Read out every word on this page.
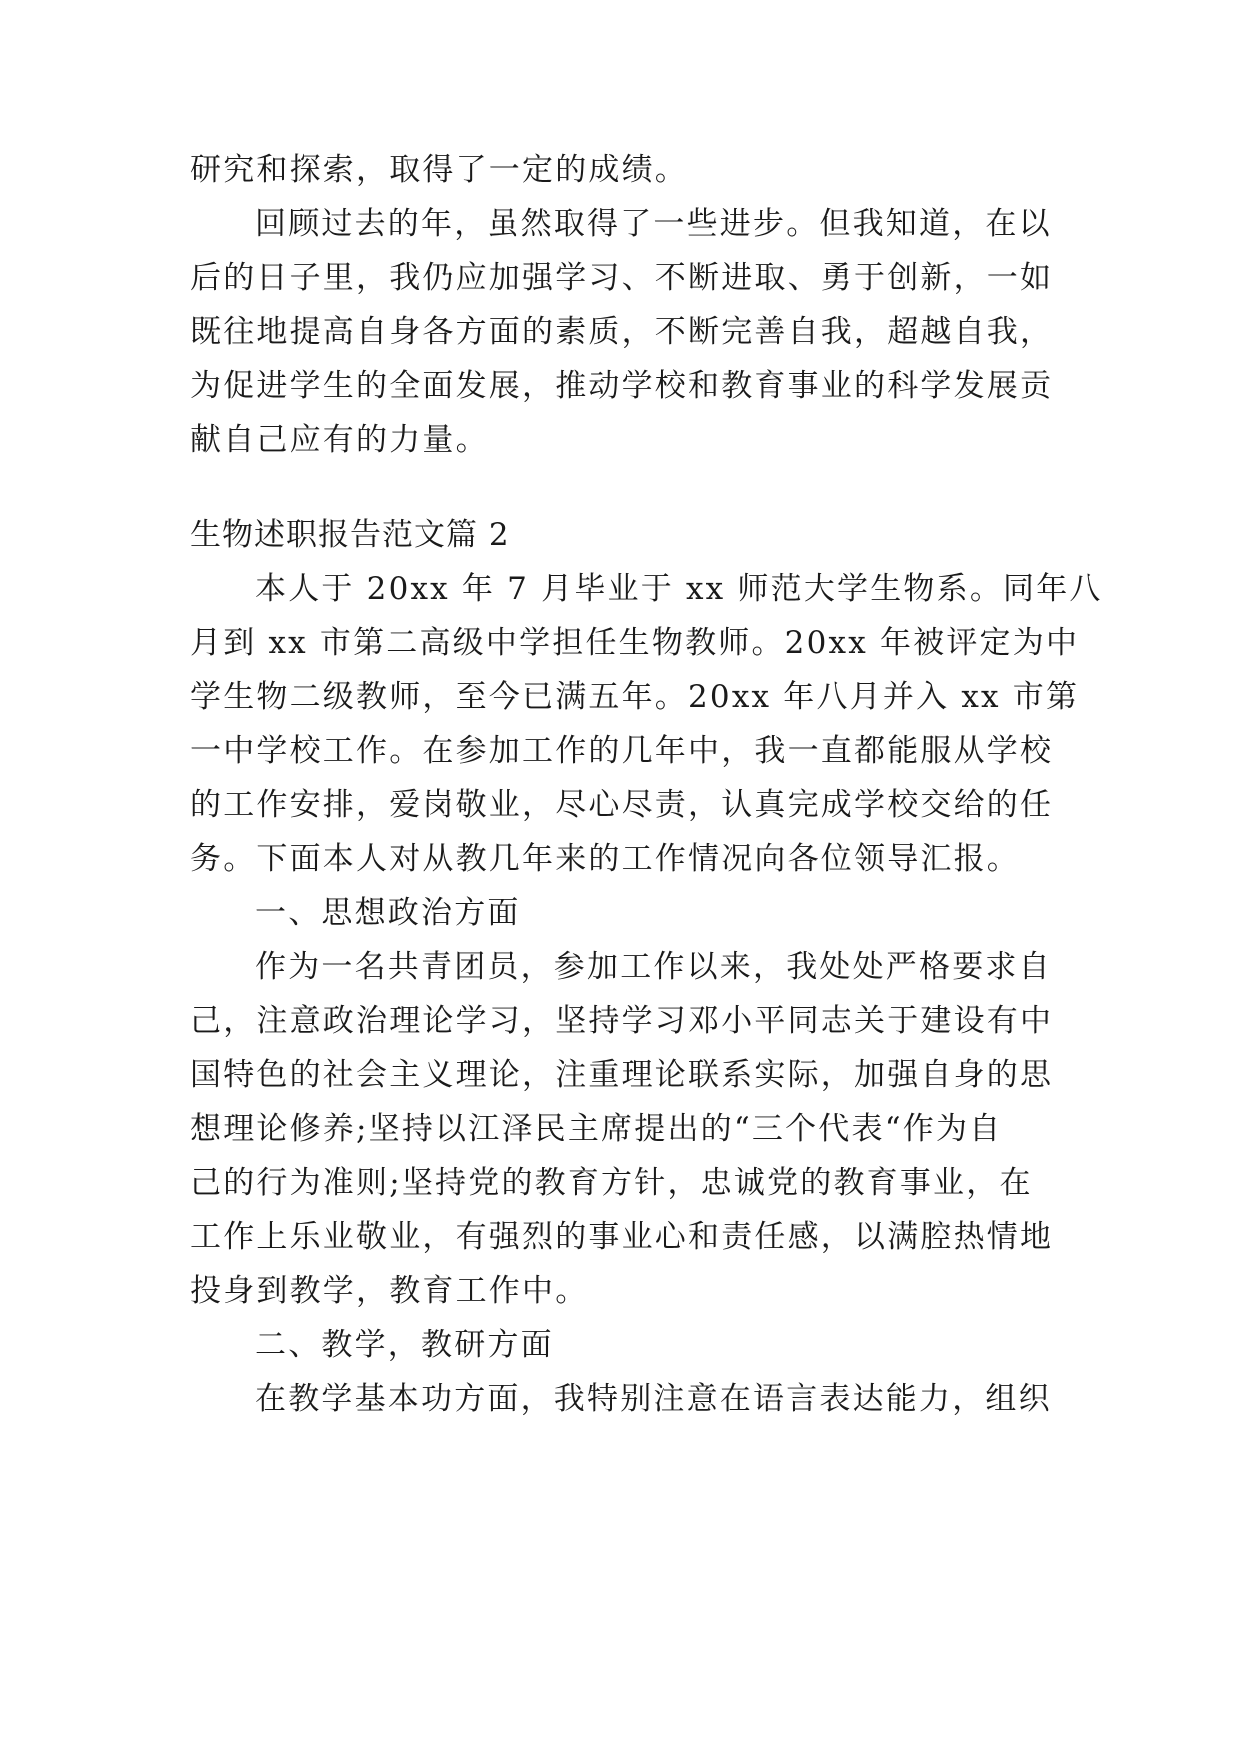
研究和探索，取得了一定的成绩。
回顾过去的年，虽然取得了一些进步。但我知道，在以
后的日子里，我仍应加强学习、不断进取、勇于创新，一如
既往地提高自身各方面的素质，不断完善自我，超越自我，
为促进学生的全面发展，推动学校和教育事业的科学发展贡
献自己应有的力量。
生物述职报告范文篇 2
本人于 20xx 年 7 月毕业于 xx 师范大学生物系。同年八
月到 xx 市第二高级中学担任生物教师。20xx 年被评定为中
学生物二级教师，至今已满五年。20xx 年八月并入 xx 市第
一中学校工作。在参加工作的几年中，我一直都能服从学校
的工作安排，爱岗敬业，尽心尽责，认真完成学校交给的任
务。下面本人对从教几年来的工作情况向各位领导汇报。
一、思想政治方面
作为一名共青团员，参加工作以来，我处处严格要求自
己，注意政治理论学习，坚持学习邓小平同志关于建设有中
国特色的社会主义理论，注重理论联系实际，加强自身的思
想理论修养;坚持以江泽民主席提出的“三个代表“作为自
己的行为准则;坚持党的教育方针，忠诚党的教育事业，在
工作上乐业敬业，有强烈的事业心和责任感，以满腔热情地
投身到教学，教育工作中。
二、教学，教研方面
在教学基本功方面，我特别注意在语言表达能力，组织
